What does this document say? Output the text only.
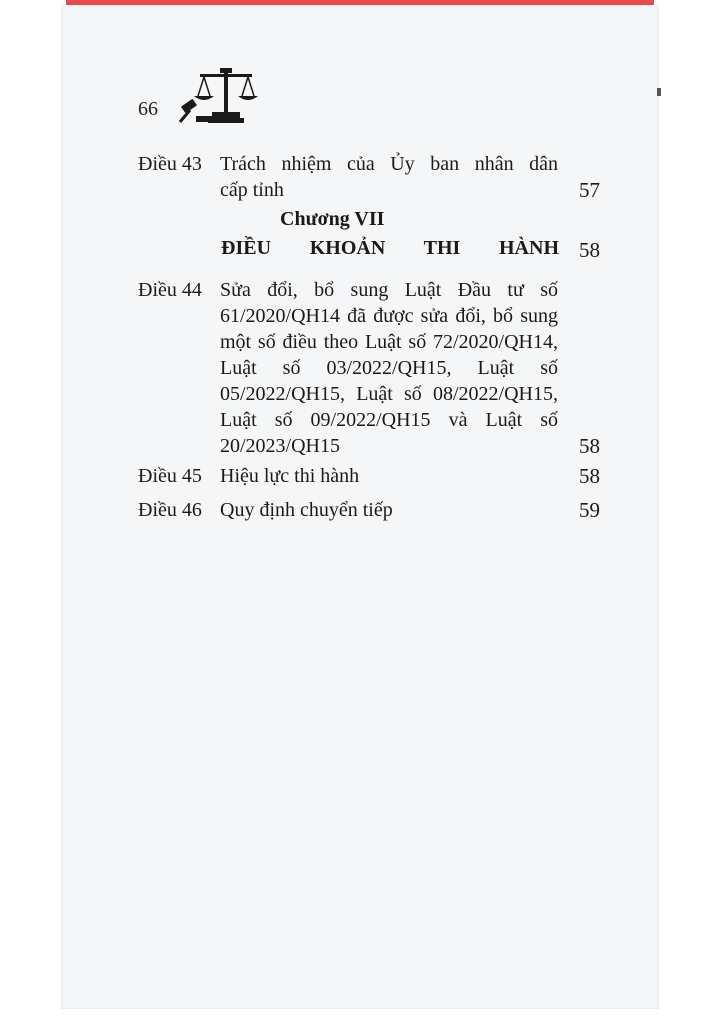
66
Điều 43 Trách nhiệm của Ủy ban nhân dân
cấp tỉnh	57
Chương VII
ĐIỀU KHOẢN THI HÀNH 58
Điều 44 Sửa đổi, bổ sung Luật Đầu tư số
61/2020/QH14 đã được sửa đổi, bổ sung
một số điều theo Luật số 72/2020/QH14,
Luật số 03/2022/QH15, Luật số
05/2022/QH15, Luật số 08/2022/QH15,
Luật số 09/2022/QH15 và Luật số
20/2023/QH15	58
Điều 45 Hiệu lực thi hành	58
Điều 46 Quy định chuyển tiếp	59
